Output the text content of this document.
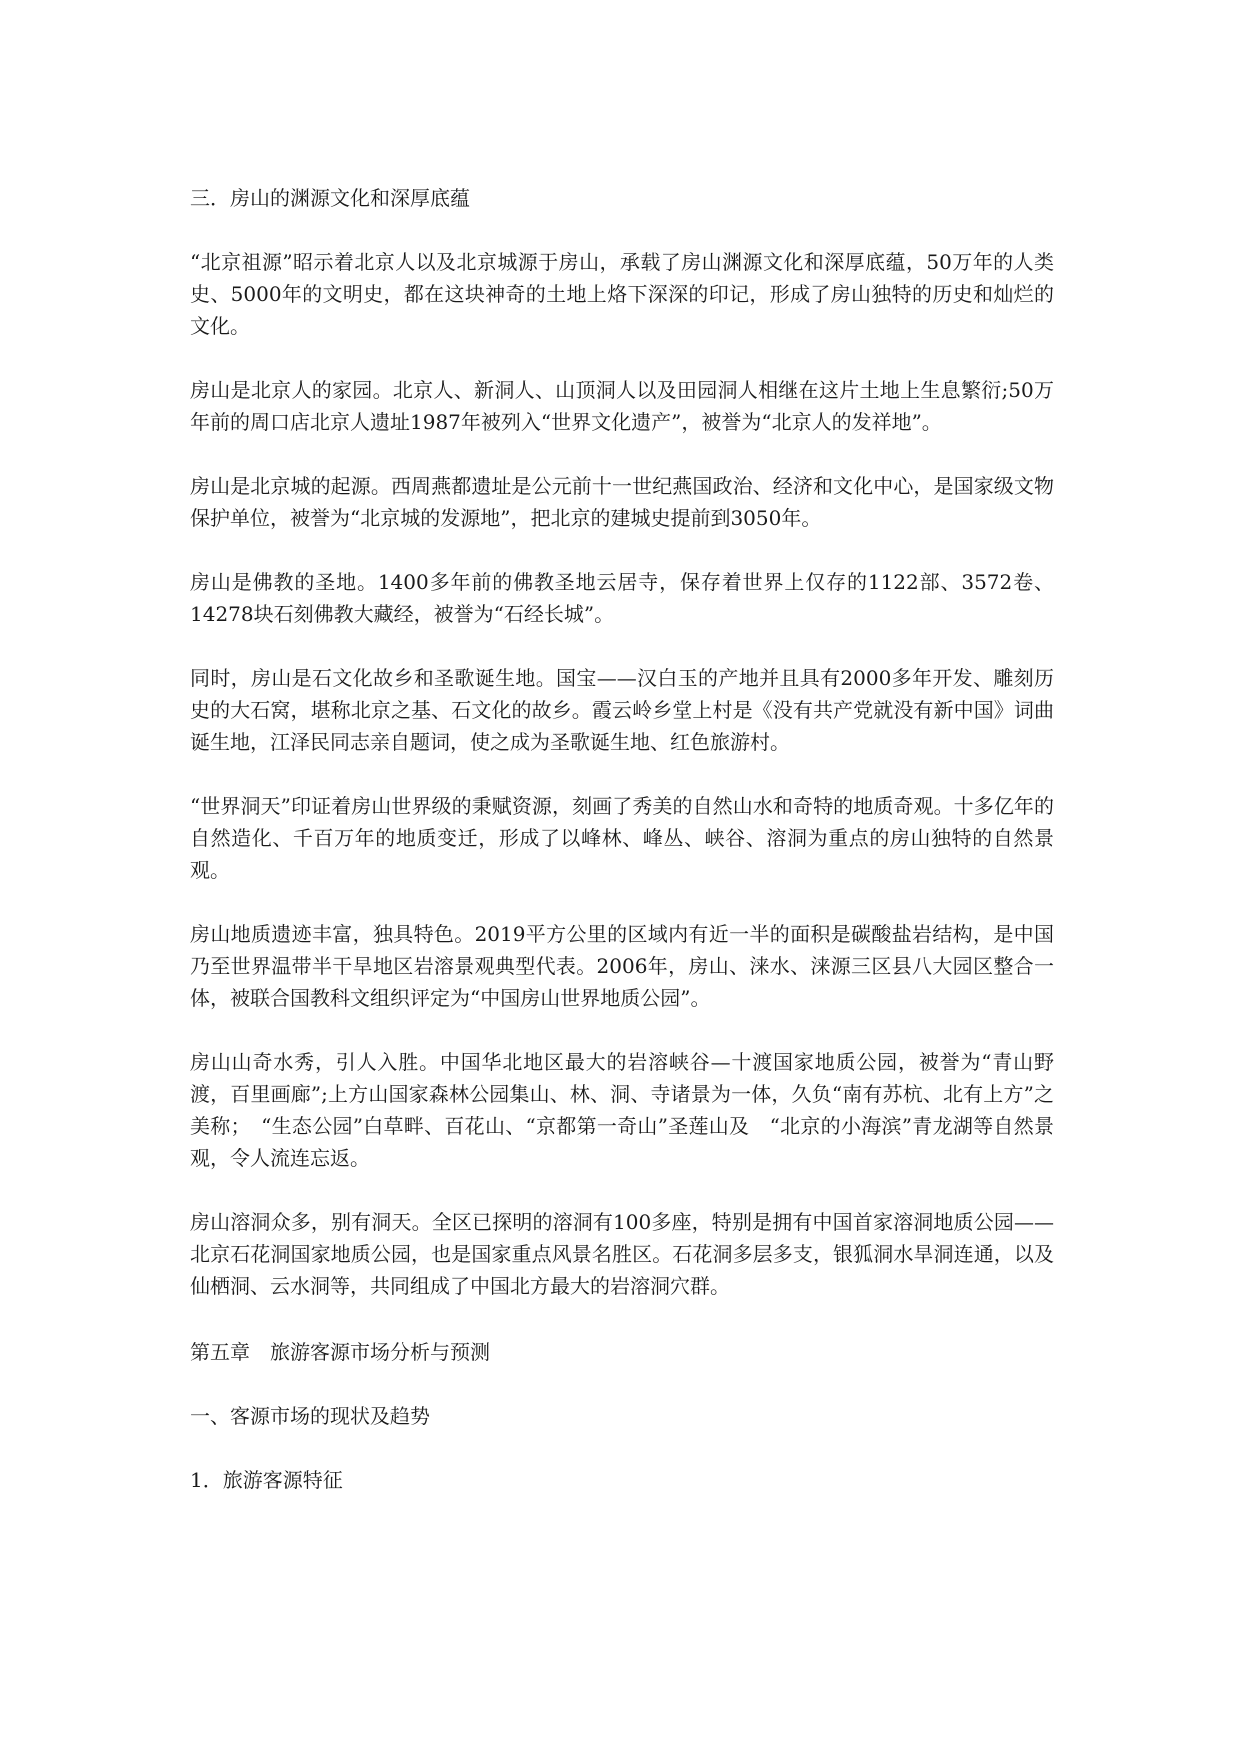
三．房山的渊源文化和深厚底蕴

“北京祖源”昭示着北京人以及北京城源于房山，承载了房山渊源文化和深厚底蕴，50万年的人类史、5000年的文明史，都在这块神奇的土地上烙下深深的印记，形成了房山独特的历史和灿烂的文化。

房山是北京人的家园。北京人、新洞人、山顶洞人以及田园洞人相继在这片土地上生息繁衍;50万年前的周口店北京人遗址1987年被列入“世界文化遗产”，被誉为“北京人的发祥地”。

房山是北京城的起源。西周燕都遗址是公元前十一世纪燕国政治、经济和文化中心，是国家级文物保护单位，被誉为“北京城的发源地”，把北京的建城史提前到3050年。

房山是佛教的圣地。1400多年前的佛教圣地云居寺，保存着世界上仅存的1122部、3572卷、14278块石刻佛教大藏经，被誉为“石经长城”。

同时，房山是石文化故乡和圣歌诞生地。国宝——汉白玉的产地并且具有2000多年开发、雕刻历史的大石窝，堪称北京之基、石文化的故乡。霞云岭乡堂上村是《没有共产党就没有新中国》词曲诞生地，江泽民同志亲自题词，使之成为圣歌诞生地、红色旅游村。

“世界洞天”印证着房山世界级的秉赋资源，刻画了秀美的自然山水和奇特的地质奇观。十多亿年的自然造化、千百万年的地质变迁，形成了以峰林、峰丛、峡谷、溶洞为重点的房山独特的自然景观。

房山地质遗迹丰富，独具特色。2019平方公里的区域内有近一半的面积是碳酸盐岩结构，是中国乃至世界温带半干旱地区岩溶景观典型代表。2006年，房山、涞水、涞源三区县八大园区整合一体，被联合国教科文组织评定为“中国房山世界地质公园”。

房山山奇水秀，引人入胜。中国华北地区最大的岩溶峡谷—十渡国家地质公园，被誉为“青山野渡，百里画廊”;上方山国家森林公园集山、林、洞、寺诸景为一体，久负“南有苏杭、北有上方”之美称；　“生态公园”白草畔、百花山、“京都第一奇山”圣莲山及　“北京的小海滨”青龙湖等自然景观，令人流连忘返。

房山溶洞众多，别有洞天。全区已探明的溶洞有100多座，特别是拥有中国首家溶洞地质公园——北京石花洞国家地质公园，也是国家重点风景名胜区。石花洞多层多支，银狐洞水旱洞连通，以及仙栖洞、云水洞等，共同组成了中国北方最大的岩溶洞穴群。

第五章　旅游客源市场分析与预测
一、客源市场的现状及趋势
1．旅游客源特征
